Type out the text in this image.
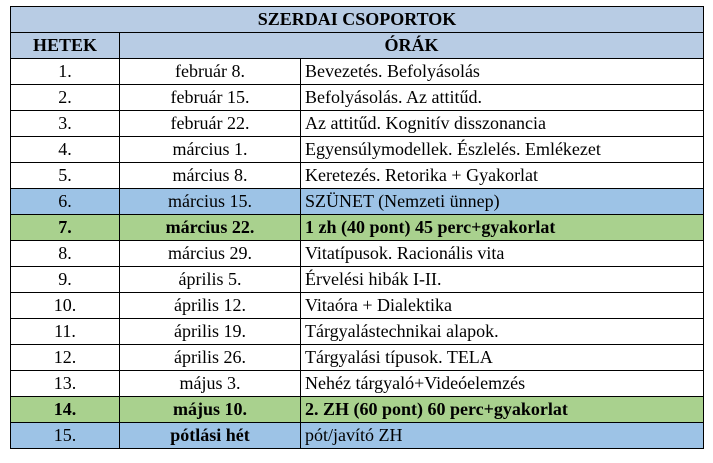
SZERDAI CSOPORTOK		
HETEK	ÓRÁK	
1.	február 8.	Bevezetés. Befolyásolás
2.	február 15.	Befolyásolás. Az attitűd.
3.	február 22.	Az attitűd. Kognitív disszonancia
4.	március 1.	Egyensúlymodellek. Észlelés. Emlékezet
5.	március 8.	Keretezés. Retorika + Gyakorlat
6.	március 15.	SZÜNET (Nemzeti ünnep)
7.	március 22.	1 zh (40 pont) 45 perc+gyakorlat
8.	március 29.	Vitatípusok. Racionális vita
9.	április 5.	Érvelési hibák I-II.
10.	április 12.	Vitaóra + Dialektika
11.	április 19.	Tárgyalástechnikai alapok.
12.	április 26.	Tárgyalási típusok. TELA
13.	május 3.	Nehéz tárgyaló+Videóelemzés
14.	május 10.	2. ZH (60 pont) 60 perc+gyakorlat
15.	pótlási hét	pót/javító ZH
